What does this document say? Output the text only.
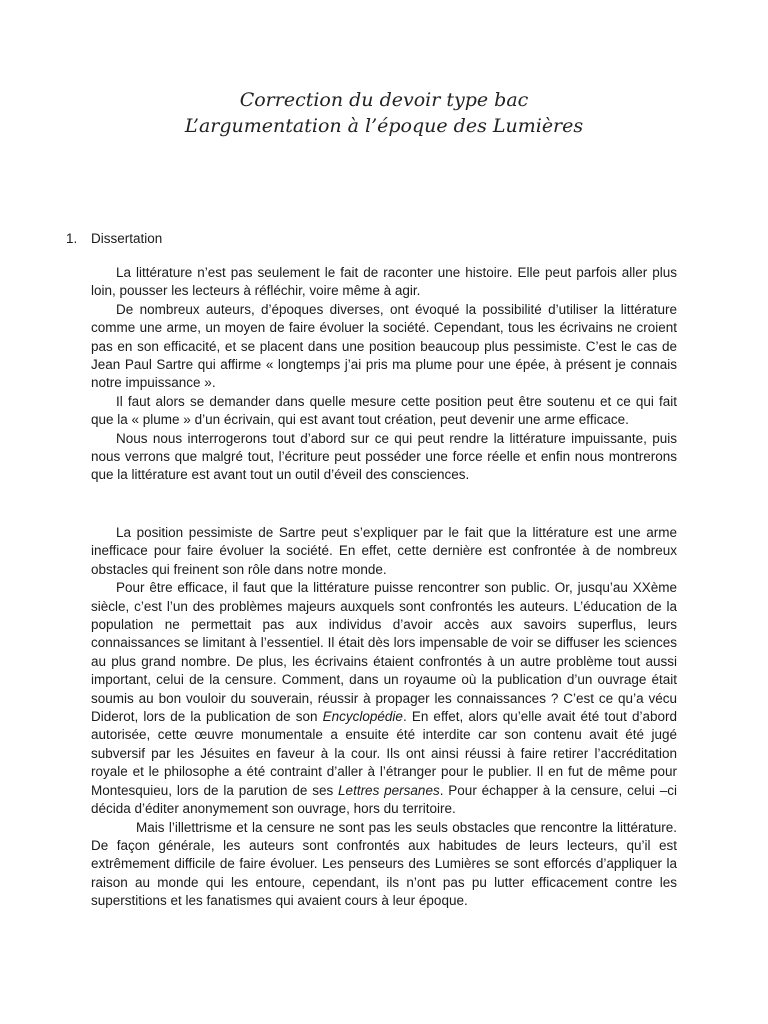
Correction du devoir type bac
L’argumentation à l’époque des Lumières
1. Dissertation

La littérature n’est pas seulement le fait de raconter une histoire. Elle peut parfois aller plus loin, pousser les lecteurs à réfléchir, voire même à agir.

De nombreux auteurs, d’époques diverses, ont évoqué la possibilité d’utiliser la littérature comme une arme, un moyen de faire évoluer la société. Cependant, tous les écrivains ne croient pas en son efficacité, et se placent dans une position beaucoup plus pessimiste. C’est le cas de Jean Paul Sartre qui affirme « longtemps j’ai pris ma plume pour une épée, à présent je connais notre impuissance ».

Il faut alors se demander dans quelle mesure cette position peut être soutenu et ce qui fait que la « plume » d’un écrivain, qui est avant tout création, peut devenir une arme efficace.

Nous nous interrogerons tout d’abord sur ce qui peut rendre la littérature impuissante, puis nous verrons que malgré tout, l’écriture peut posséder une force réelle et enfin nous montrerons que la littérature est avant tout un outil d’éveil des consciences.

La position pessimiste de Sartre peut s’expliquer par le fait que la littérature est une arme inefficace pour faire évoluer la société. En effet, cette dernière est confrontée à de nombreux obstacles qui freinent son rôle dans notre monde.

Pour être efficace, il faut que la littérature puisse rencontrer son public. Or, jusqu’au XXème siècle, c’est l’un des problèmes majeurs auxquels sont confrontés les auteurs. L’éducation de la population ne permettait pas aux individus d’avoir accès aux savoirs superflus, leurs connaissances se limitant à l’essentiel. Il était dès lors impensable de voir se diffuser les sciences au plus grand nombre. De plus, les écrivains étaient confrontés à un autre problème tout aussi important, celui de la censure. Comment, dans un royaume où la publication d’un ouvrage était soumis au bon vouloir du souverain, réussir à propager les connaissances ? C’est ce qu’a vécu Diderot, lors de la publication de son Encyclopédie. En effet, alors qu’elle avait été tout d’abord autorisée, cette œuvre monumentale a ensuite été interdite car son contenu avait été jugé subversif par les Jésuites en faveur à la cour. Ils ont ainsi réussi à faire retirer l’accréditation royale et le philosophe a été contraint d’aller à l’étranger pour le publier. Il en fut de même pour Montesquieu, lors de la parution de ses Lettres persanes. Pour échapper à la censure, celui –ci décida d’éditer anonymement son ouvrage, hors du territoire.

Mais l’illettrisme et la censure ne sont pas les seuls obstacles que rencontre la littérature. De façon générale, les auteurs sont confrontés aux habitudes de leurs lecteurs, qu’il est extrêmement difficile de faire évoluer. Les penseurs des Lumières se sont efforcés d’appliquer la raison au monde qui les entoure, cependant, ils n’ont pas pu lutter efficacement contre les superstitions et les fanatismes qui avaient cours à leur époque.
